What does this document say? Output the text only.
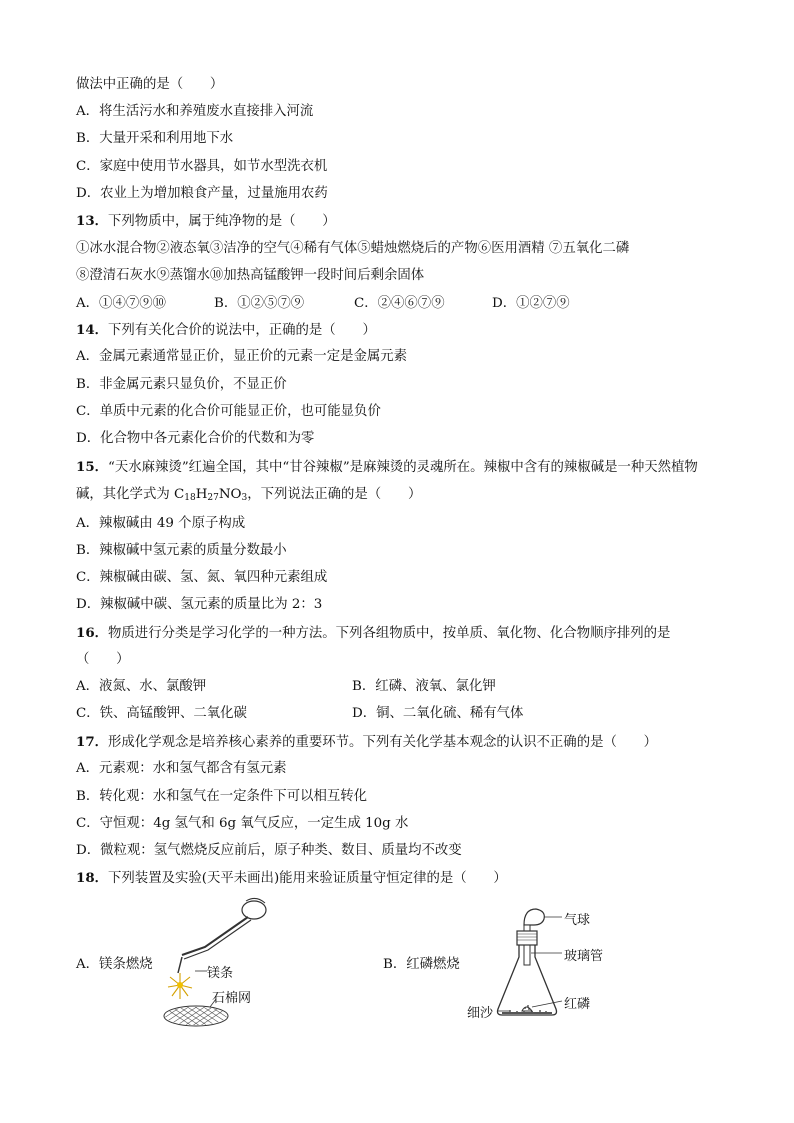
做法中正确的是（　　）
A．将生活污水和养殖废水直接排入河流
B．大量开采和利用地下水
C．家庭中使用节水器具，如节水型洗衣机
D．农业上为增加粮食产量，过量施用农药
13．下列物质中，属于纯净物的是（　　）
①冰水混合物②液态氧③洁净的空气④稀有气体⑤蜡烛燃烧后的产物⑥医用酒精 ⑦五氧化二磷
⑧澄清石灰水⑨蒸馏水⑩加热高锰酸钾一段时间后剩余固体
A．①④⑦⑨⑩	B．①②⑤⑦⑨	C．②④⑥⑦⑨	D．①②⑦⑨
14．下列有关化合价的说法中，正确的是（　　）
A．金属元素通常显正价，显正价的元素一定是金属元素
B．非金属元素只显负价，不显正价
C．单质中元素的化合价可能显正价，也可能显负价
D．化合物中各元素化合价的代数和为零
15．“天水麻辣烫”红遍全国，其中“甘谷辣椒”是麻辣烫的灵魂所在。辣椒中含有的辣椒碱是一种天然植物
碱，其化学式为 $C_{18}H_{27}NO_3$，下列说法正确的是（　　）
A．辣椒碱由 49 个原子构成
B．辣椒碱中氢元素的质量分数最小
C．辣椒碱由碳、氢、氮、氧四种元素组成
D．辣椒碱中碳、氢元素的质量比为 2：3
16．物质进行分类是学习化学的一种方法。下列各组物质中，按单质、氧化物、化合物顺序排列的是
（　　）
A．液氮、水、氯酸钾	B．红磷、液氧、氯化钾
C．铁、高锰酸钾、二氧化碳	D．铜、二氧化硫、稀有气体
17．形成化学观念是培养核心素养的重要环节。下列有关化学基本观念的认识不正确的是（　　）
A．元素观：水和氢气都含有氢元素
B．转化观：水和氢气在一定条件下可以相互转化
C．守恒观：4g 氢气和 6g 氧气反应，一定生成 10g 水
D．微粒观：氢气燃烧反应前后，原子种类、数目、质量均不改变
18．下列装置及实验(天平未画出)能用来验证质量守恒定律的是（　　）
A．镁条燃烧	B．红磷燃烧
镁条
石棉网
气球
玻璃管
红磷
细沙
